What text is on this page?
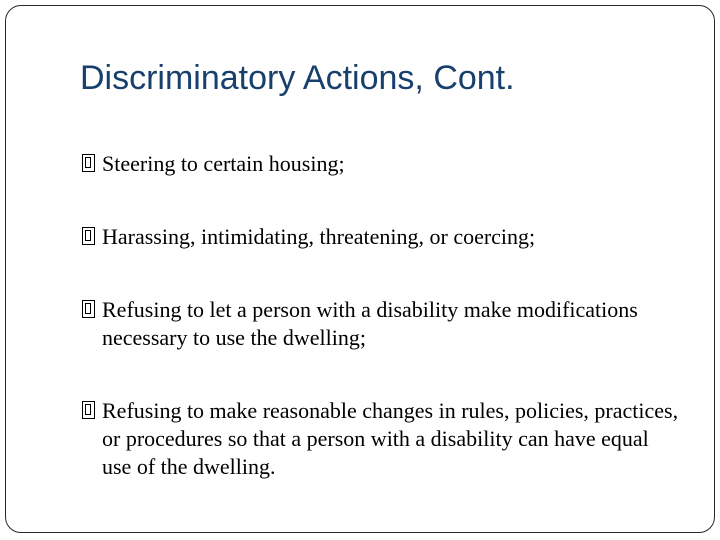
Discriminatory Actions, Cont.
Steering to certain housing;
Harassing, intimidating, threatening, or coercing;
Refusing to let a person with a disability make modifications necessary to use the dwelling;
Refusing to make reasonable changes in rules, policies, practices, or procedures so that a person with a disability can have equal use of the dwelling.
